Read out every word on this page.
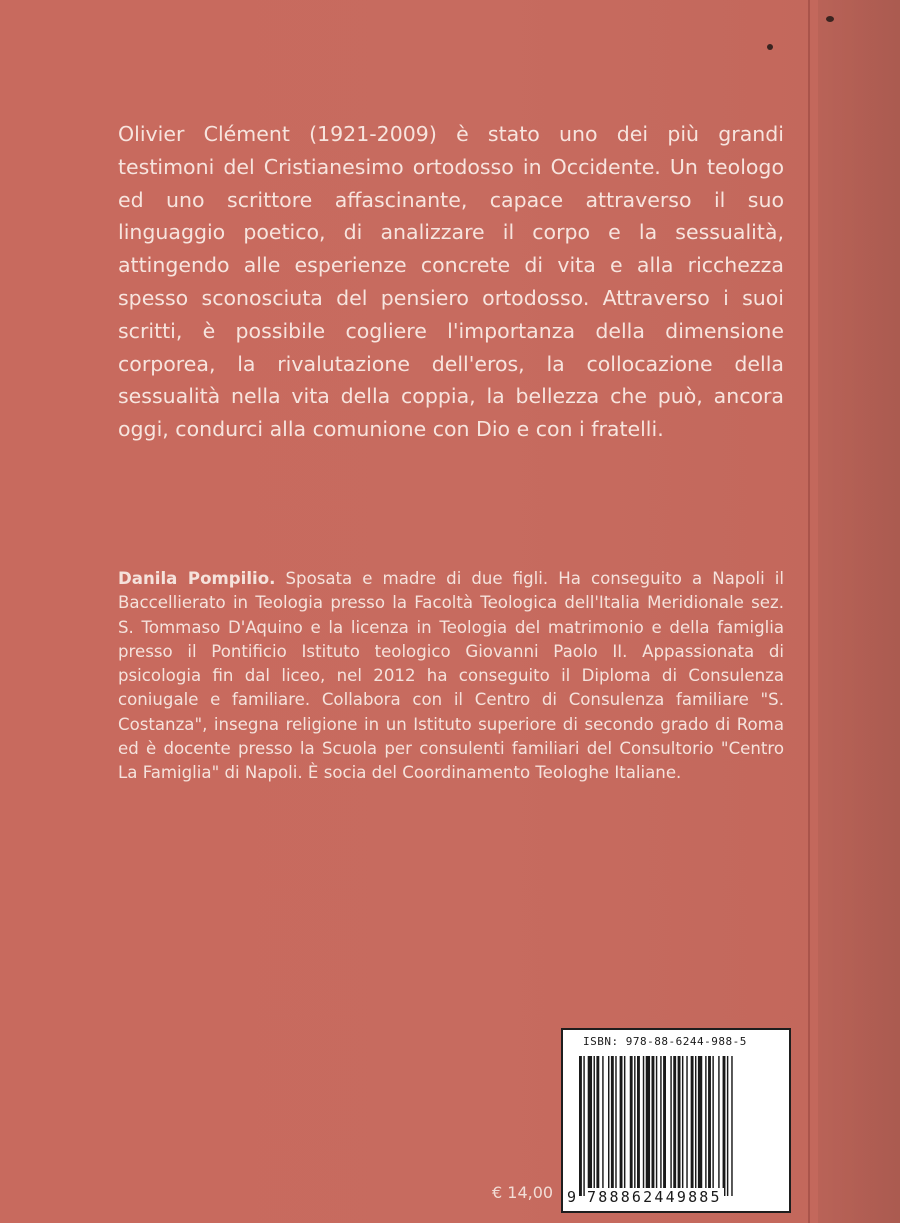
Olivier Clément (1921-2009) è stato uno dei più grandi testimoni del Cristianesimo ortodosso in Occidente. Un teologo ed uno scrittore affascinante, capace attraverso il suo linguaggio poetico, di analizzare il corpo e la sessualità, attingendo alle esperienze concrete di vita e alla ricchezza spesso sconosciuta del pensiero ortodosso. Attraverso i suoi scritti, è possibile cogliere l'importanza della dimensione corporea, la rivalutazione dell'eros, la collocazione della sessualità nella vita della coppia, la bellezza che può, ancora oggi, condurci alla comunione con Dio e con i fratelli.

Danila Pompilio. Sposata e madre di due figli. Ha conseguito a Napoli il Baccellierato in Teologia presso la Facoltà Teologica dell'Italia Meridionale sez. S. Tommaso D'Aquino e la licenza in Teologia del matrimonio e della famiglia presso il Pontificio Istituto teologico Giovanni Paolo II. Appassionata di psicologia fin dal liceo, nel 2012 ha conseguito il Diploma di Consulenza coniugale e familiare. Collabora con il Centro di Consulenza familiare "S. Costanza", insegna religione in un Istituto superiore di secondo grado di Roma ed è docente presso la Scuola per consulenti familiari del Consultorio "Centro La Famiglia" di Napoli. È socia del Coordinamento Teologhe Italiane.

ISBN: 978-88-6244-988-5
9 788862449885
€ 14,00
